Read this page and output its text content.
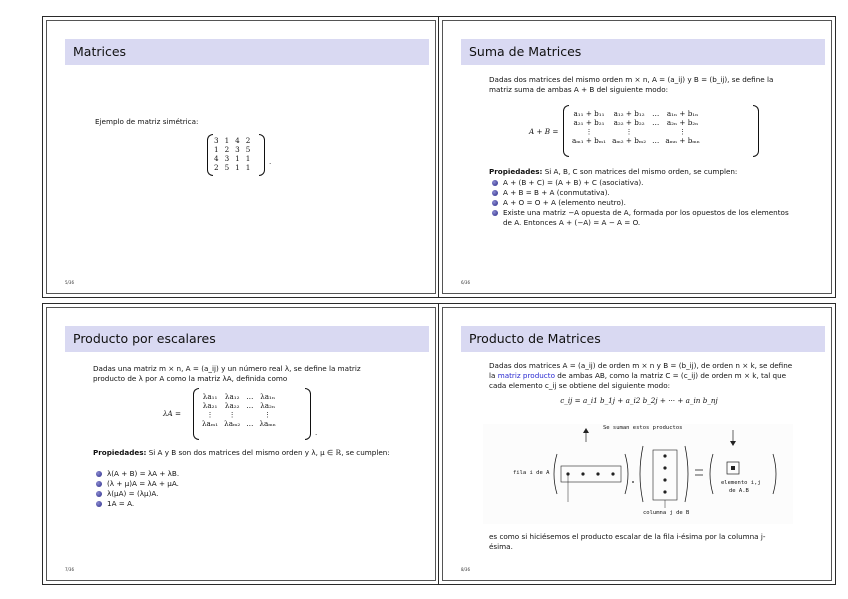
Matrices
Ejemplo de matriz simétrica:
3	1	4	2
1	2	3	5
4	3	1	1
2	5	1	1
.
5/36
Suma de Matrices
Dadas dos matrices del mismo orden m × n, A = (a_ij) y B = (b_ij), se define la matriz suma de ambas A + B del siguiente modo:
A + B =
a₁₁ + b₁₁	a₁₂ + b₁₂	…	a₁ₙ + b₁ₙ
a₂₁ + b₂₁	a₂₂ + b₂₂	…	a₂ₙ + b₂ₙ
⋮	⋮		⋮
aₘ₁ + bₘ₁	aₘ₂ + bₘ₂	…	aₘₙ + bₘₙ
Propiedades: Si A, B, C son matrices del mismo orden, se cumplen:
A + (B + C) = (A + B) + C (asociativa).
A + B = B + A (conmutativa).
A + O = O + A (elemento neutro).
Existe una matriz −A opuesta de A, formada por los opuestos de los elementos de A. Entonces A + (−A) = A − A = O.
6/36
Producto por escalares
Dadas una matriz m × n, A = (a_ij) y un número real λ, se define la matriz producto de λ por A como la matriz λA, definida como
λA =
λa₁₁	λa₁₂	…	λa₁ₙ
λa₂₁	λa₂₂	…	λa₂ₙ
⋮	⋮		⋮
λaₘ₁	λaₘ₂	…	λaₘₙ
.
Propiedades: Si A y B son dos matrices del mismo orden y λ, μ ∈ ℝ, se cumplen:
λ(A + B) = λA + λB.
(λ + μ)A = λA + μA.
λ(μA) = (λμ)A.
1A = A.
7/36
Producto de Matrices
Dadas dos matrices A = (a_ij) de orden m × n y B = (b_ij), de orden n × k, se define la matriz producto de ambas AB, como la matriz C = (c_ij) de orden m × k, tal que cada elemento c_ij se obtiene del siguiente modo:
c_ij = a_i1 b_1j + a_i2 b_2j + ··· + a_in b_nj
Se suman estos productos
fila i de A
columna j de B
elemento i,j
de A.B
es como si hiciésemos el producto escalar de la fila i-ésima por la columna j-ésima.
8/36
